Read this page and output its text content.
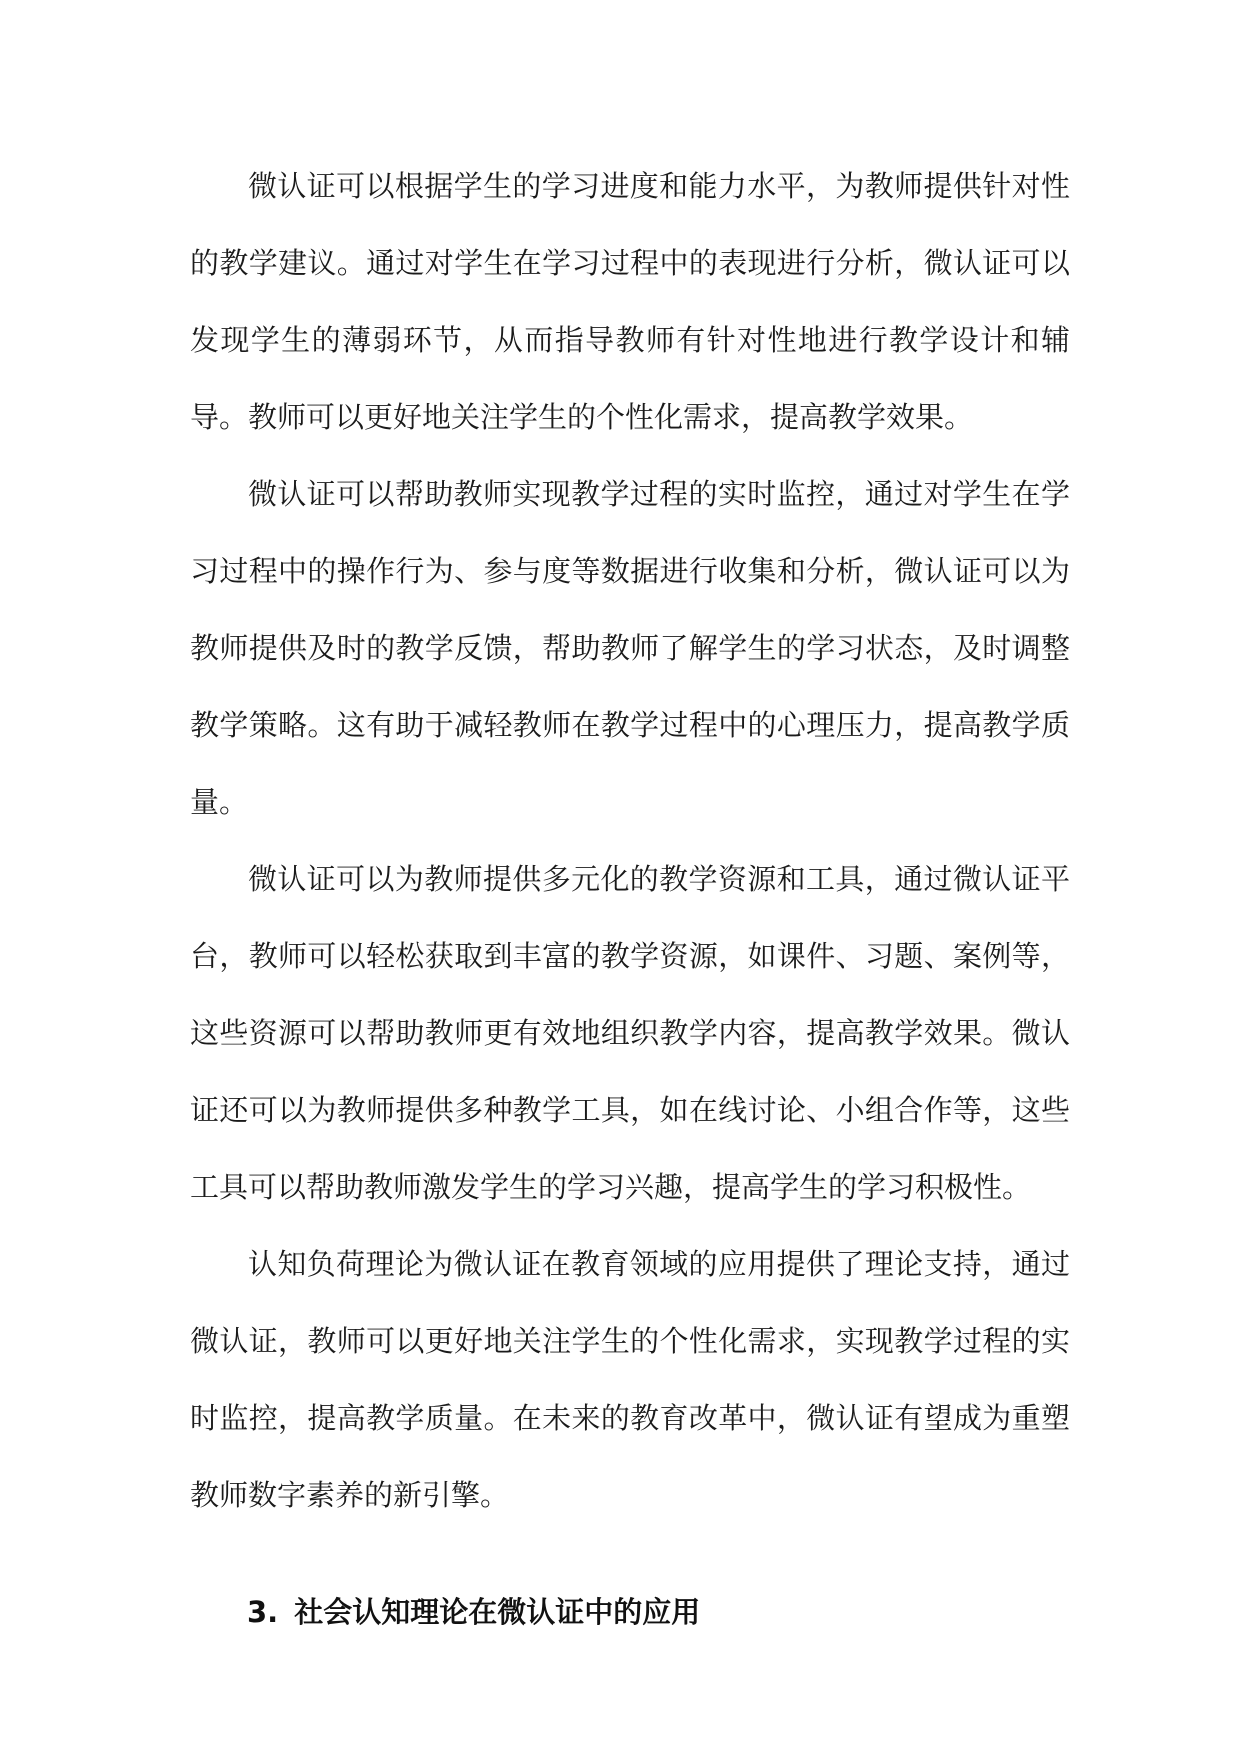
微认证可以根据学生的学习进度和能力水平，为教师提供针对性的教学建议。通过对学生在学习过程中的表现进行分析，微认证可以发现学生的薄弱环节，从而指导教师有针对性地进行教学设计和辅导。教师可以更好地关注学生的个性化需求，提高教学效果。

微认证可以帮助教师实现教学过程的实时监控，通过对学生在学习过程中的操作行为、参与度等数据进行收集和分析，微认证可以为教师提供及时的教学反馈，帮助教师了解学生的学习状态，及时调整教学策略。这有助于减轻教师在教学过程中的心理压力，提高教学质量。

微认证可以为教师提供多元化的教学资源和工具，通过微认证平台，教师可以轻松获取到丰富的教学资源，如课件、习题、案例等，这些资源可以帮助教师更有效地组织教学内容，提高教学效果。微认证还可以为教师提供多种教学工具，如在线讨论、小组合作等，这些工具可以帮助教师激发学生的学习兴趣，提高学生的学习积极性。

认知负荷理论为微认证在教育领域的应用提供了理论支持，通过微认证，教师可以更好地关注学生的个性化需求，实现教学过程的实时监控，提高教学质量。在未来的教育改革中，微认证有望成为重塑教师数字素养的新引擎。

3. 社会认知理论在微认证中的应用
